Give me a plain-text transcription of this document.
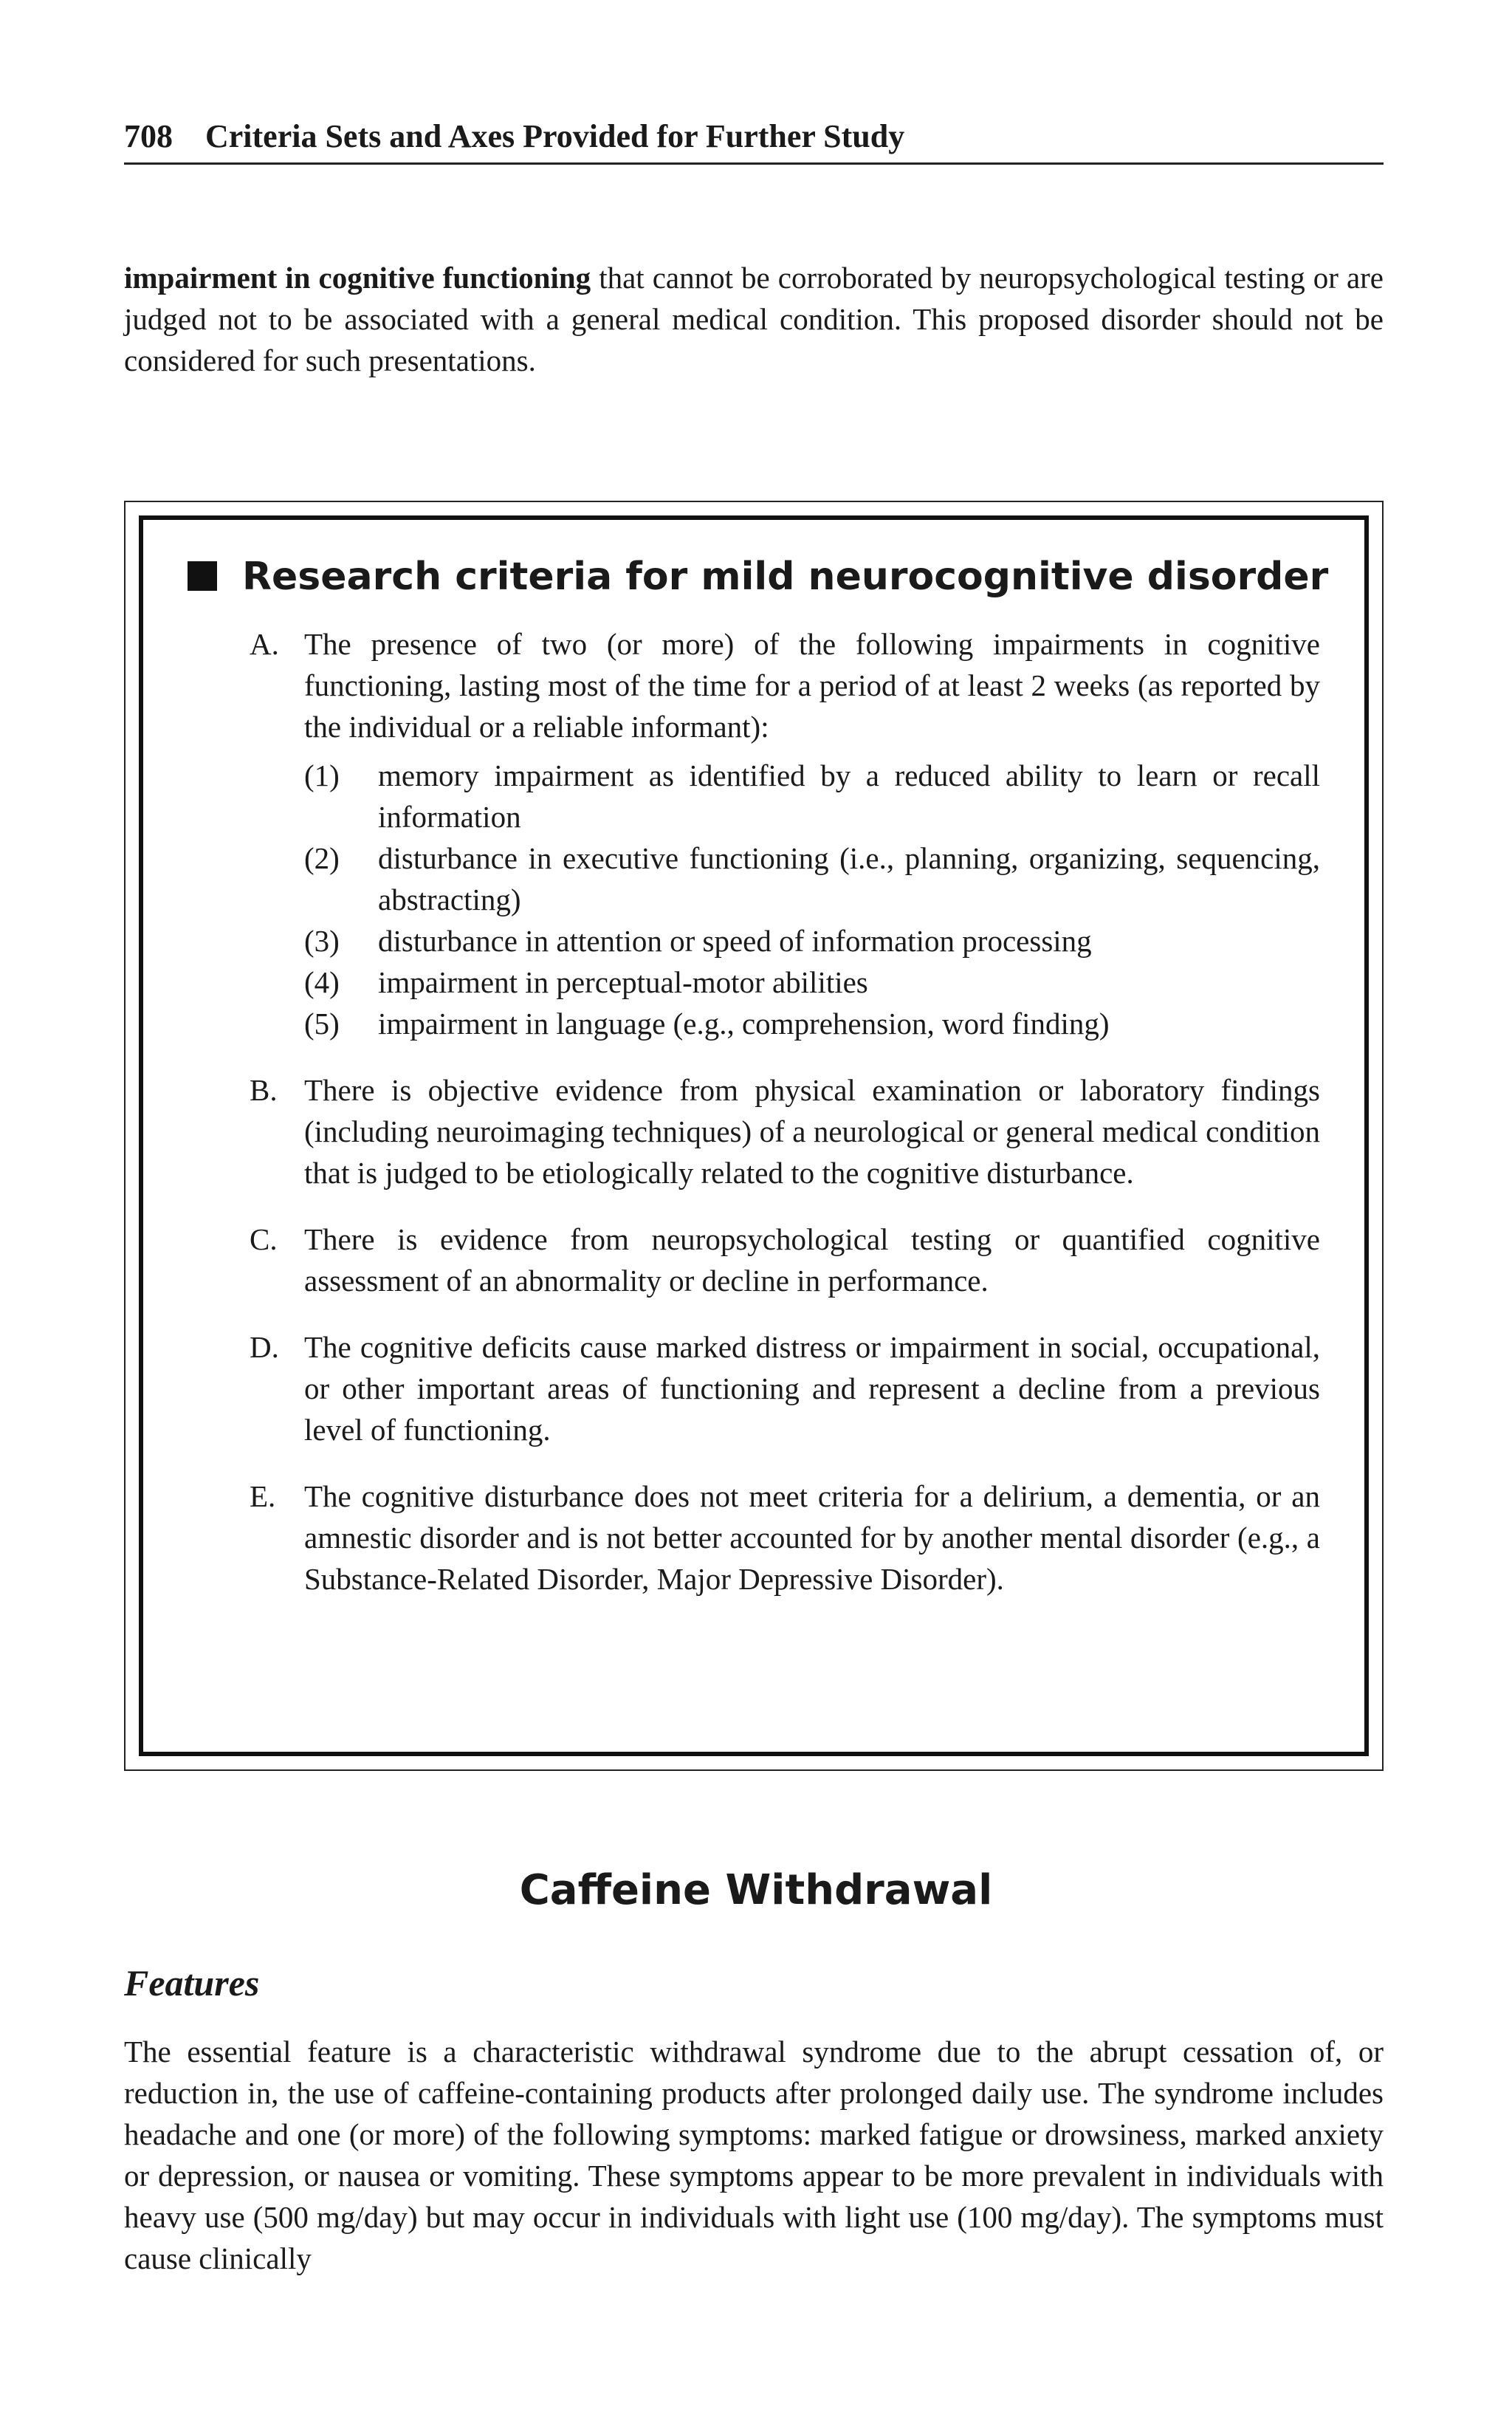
708 Criteria Sets and Axes Provided for Further Study

impairment in cognitive functioning that cannot be corroborated by neuropsychological testing or are judged not to be associated with a general medical condition. This proposed disorder should not be considered for such presentations.

Research criteria for mild neurocognitive disorder
A. The presence of two (or more) of the following impairments in cognitive functioning, lasting most of the time for a period of at least 2 weeks (as reported by the individual or a reliable informant):
(1) memory impairment as identified by a reduced ability to learn or recall information
(2) disturbance in executive functioning (i.e., planning, organizing, sequencing, abstracting)
(3) disturbance in attention or speed of information processing
(4) impairment in perceptual-motor abilities
(5) impairment in language (e.g., comprehension, word finding)
B. There is objective evidence from physical examination or laboratory findings (including neuroimaging techniques) of a neurological or general medical condition that is judged to be etiologically related to the cognitive disturbance.
C. There is evidence from neuropsychological testing or quantified cognitive assessment of an abnormality or decline in performance.
D. The cognitive deficits cause marked distress or impairment in social, occupational, or other important areas of functioning and represent a decline from a previous level of functioning.
E. The cognitive disturbance does not meet criteria for a delirium, a dementia, or an amnestic disorder and is not better accounted for by another mental disorder (e.g., a Substance-Related Disorder, Major Depressive Disorder).
Caffeine Withdrawal
Features

The essential feature is a characteristic withdrawal syndrome due to the abrupt cessation of, or reduction in, the use of caffeine-containing products after prolonged daily use. The syndrome includes headache and one (or more) of the following symptoms: marked fatigue or drowsiness, marked anxiety or depression, or nausea or vomiting. These symptoms appear to be more prevalent in individuals with heavy use (500 mg/day) but may occur in individuals with light use (100 mg/day). The symptoms must cause clinically
